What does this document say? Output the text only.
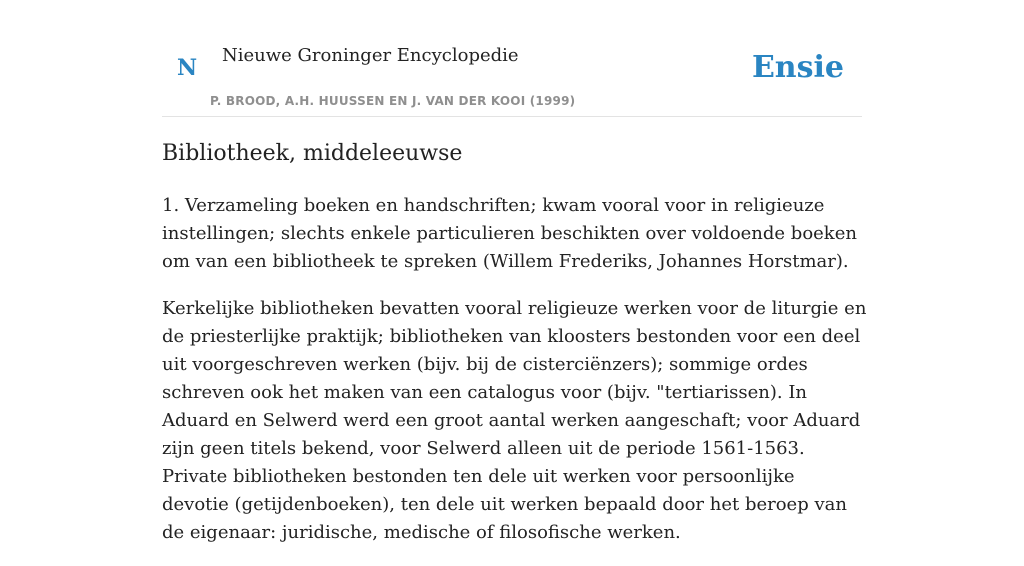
N Nieuwe Groninger Encyclopedie
P. BROOD, A.H. HUUSSEN EN J. VAN DER KOOI (1999)
Ensie
Bibliotheek, middeleeuwse

1. Verzameling boeken en handschriften; kwam vooral voor in religieuze instellingen; slechts enkele particulieren beschikten over voldoende boeken om van een bibliotheek te spreken (Willem Frederiks, Johannes Horstmar).

Kerkelijke bibliotheken bevatten vooral religieuze werken voor de liturgie en de priesterlijke praktijk; bibliotheken van kloosters bestonden voor een deel uit voorgeschreven werken (bijv. bij de cisterciënzers); sommige ordes schreven ook het maken van een catalogus voor (bijv. "tertiarissen). In Aduard en Selwerd werd een groot aantal werken aangeschaft; voor Aduard zijn geen titels bekend, voor Selwerd alleen uit de periode 1561-1563. Private bibliotheken bestonden ten dele uit werken voor persoonlijke devotie (getijdenboeken), ten dele uit werken bepaald door het beroep van de eigenaar: juridische, medische of filosofische werken.
